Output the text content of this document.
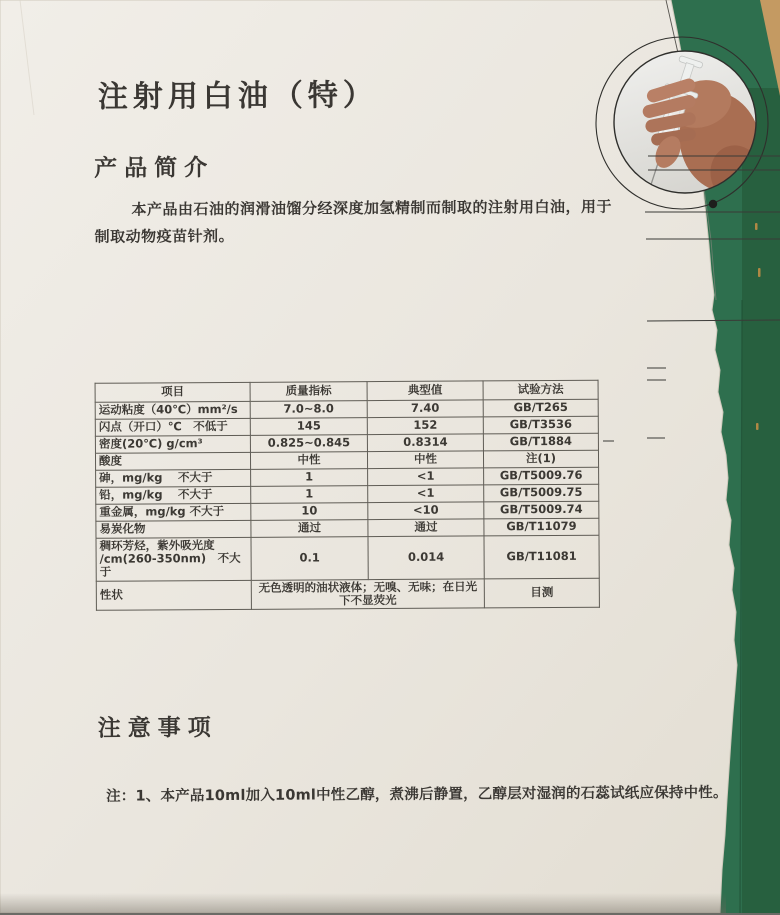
注射用白油（特）
产品简介

本产品由石油的润滑油馏分经深度加氢精制而制取的注射用白油，用于

制取动物疫苗针剂。

项目	质量指标	典型值	试验方法
运动粘度（40℃）mm²/s	7.0~8.0	7.40	GB/T265
闪点（开口）℃　不低于	145	152	GB/T3536
密度(20℃) g/cm³	0.825~0.845	0.8314	GB/T1884
酸度	中性	中性	注(1)
砷，mg/kg　 不大于	1	<1	GB/T5009.76
铅，mg/kg　 不大于	1	<1	GB/T5009.75
重金属，mg/kg 不大于	10	<10	GB/T5009.74
易炭化物	通过	通过	GB/T11079
稠环芳烃，紫外吸光度
/cm(260-350nm)　不大于	0.1	0.014	GB/T11081
性状	无色透明的油状液体；无嗅、无味；在日光下不显荧光		目测
注意事项

注：1、本产品10ml加入10ml中性乙醇，煮沸后静置，乙醇层对湿润的石蕊试纸应保持中性。
